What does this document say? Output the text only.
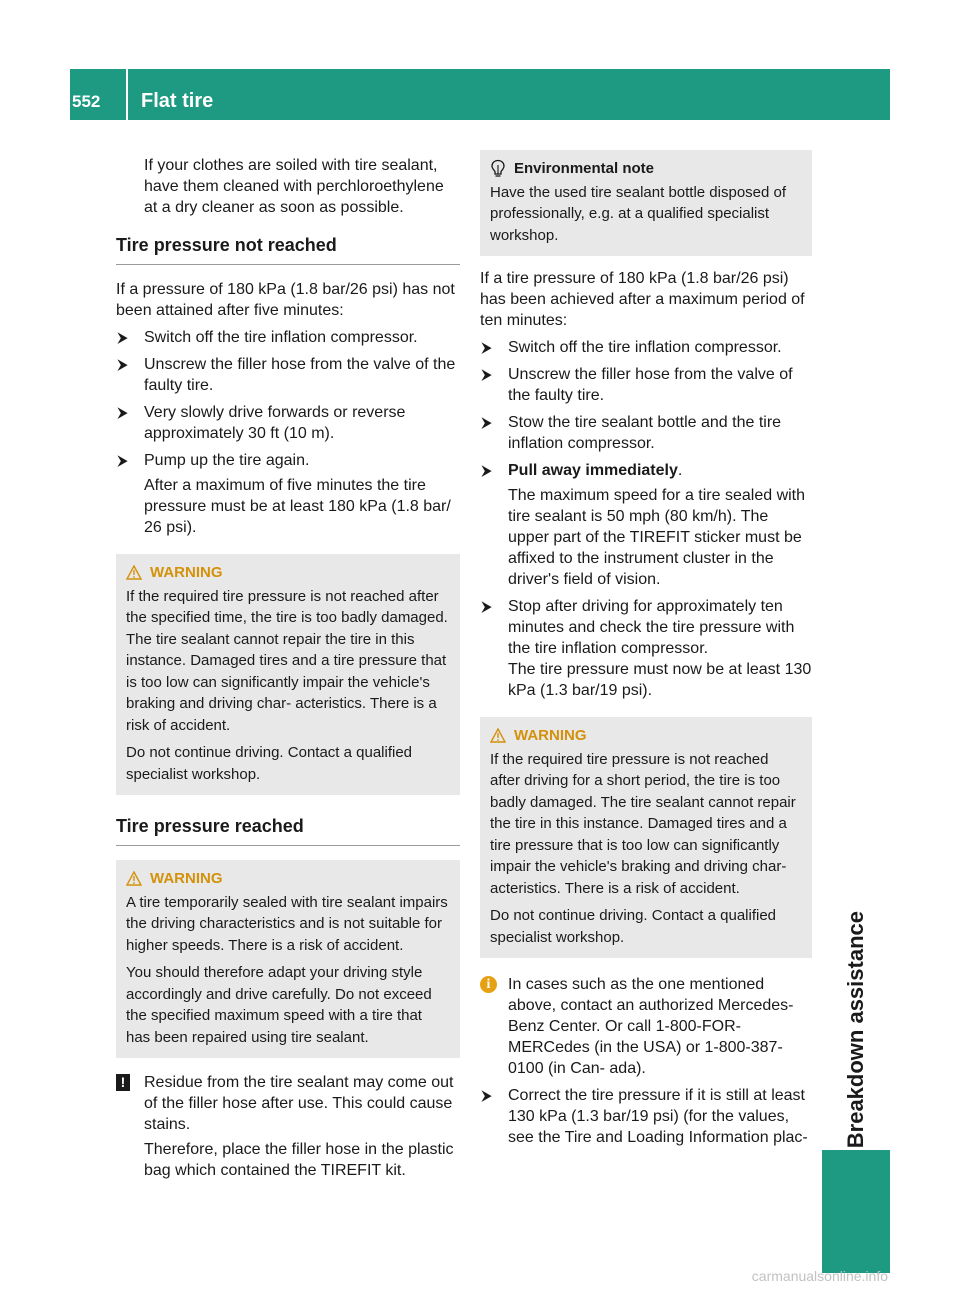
552	Flat tire
Breakdown assistance

If your clothes are soiled with tire sealant, have them cleaned with perchloroethylene at a dry cleaner as soon as possible.

Tire pressure not reached

If a pressure of 180 kPa (1.8 bar/26 psi) has not been attained after five minutes:

⮞ Switch off the tire inflation compressor.
⮞ Unscrew the filler hose from the valve of the faulty tire.
⮞ Very slowly drive forwards or reverse approximately 30 ft (10 m).
⮞ Pump up the tire again.

After a maximum of five minutes the tire pressure must be at least 180 kPa (1.8 bar/ 26 psi).

WARNING

If the required tire pressure is not reached after the specified time, the tire is too badly damaged. The tire sealant cannot repair the tire in this instance. Damaged tires and a tire pressure that is too low can significantly impair the vehicle's braking and driving char- acteristics. There is a risk of accident.

Do not continue driving. Contact a qualified specialist workshop.

Tire pressure reached
WARNING

A tire temporarily sealed with tire sealant impairs the driving characteristics and is not suitable for higher speeds. There is a risk of accident.

You should therefore adapt your driving style accordingly and drive carefully. Do not exceed the specified maximum speed with a tire that has been repaired using tire sealant.

! Residue from the tire sealant may come out of the filler hose after use. This could cause stains.

Therefore, place the filler hose in the plastic bag which contained the TIREFIT kit.

Environmental note

Have the used tire sealant bottle disposed of professionally, e.g. at a qualified specialist workshop.

If a tire pressure of 180 kPa (1.8 bar/26 psi) has been achieved after a maximum period of ten minutes:

⮞ Switch off the tire inflation compressor.
⮞ Unscrew the filler hose from the valve of the faulty tire.
⮞ Stow the tire sealant bottle and the tire inflation compressor.
⮞ Pull away immediately.

The maximum speed for a tire sealed with tire sealant is 50 mph (80 km/h). The upper part of the TIREFIT sticker must be affixed to the instrument cluster in the driver's field of vision.

⮞ Stop after driving for approximately ten minutes and check the tire pressure with the tire inflation compressor.

The tire pressure must now be at least 130 kPa (1.3 bar/19 psi).

WARNING

If the required tire pressure is not reached after driving for a short period, the tire is too badly damaged. The tire sealant cannot repair the tire in this instance. Damaged tires and a tire pressure that is too low can significantly impair the vehicle's braking and driving char- acteristics. There is a risk of accident.

Do not continue driving. Contact a qualified specialist workshop.

i	In cases such as the one mentioned above, contact an authorized Mercedes- Benz Center. Or call 1-800-FOR-MERCedes (in the USA) or 1-800-387-0100 (in Can- ada).
⮞ Correct the tire pressure if it is still at least 130 kPa (1.3 bar/19 psi) (for the values, see the Tire and Loading Information plac-
carmanualsonline.info
